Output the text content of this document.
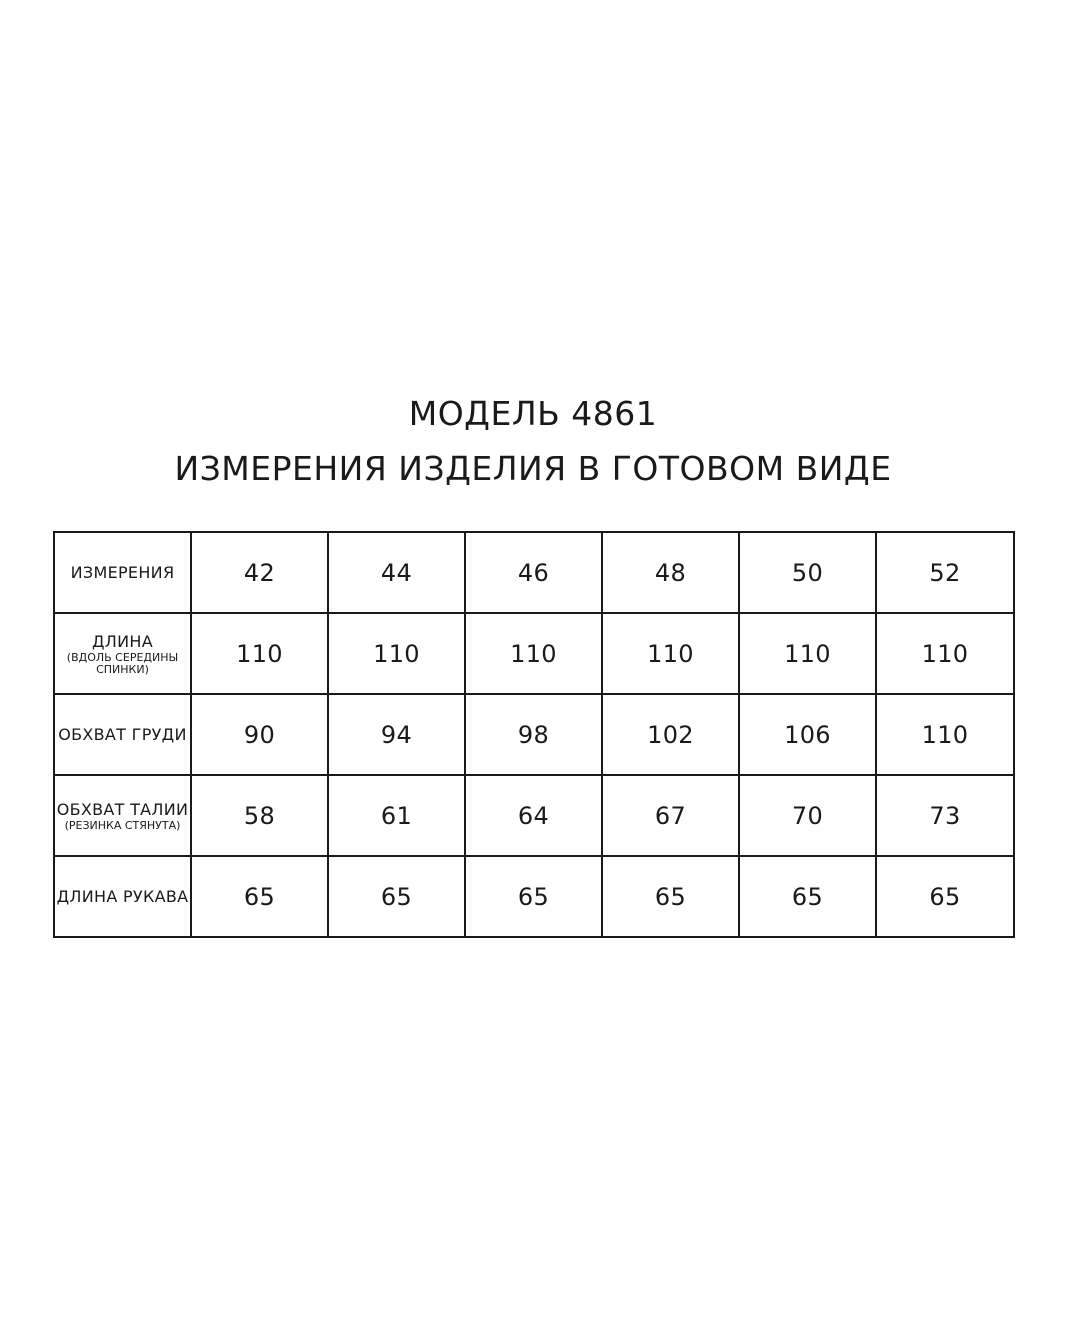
МОДЕЛЬ 4861
ИЗМЕРЕНИЯ ИЗДЕЛИЯ В ГОТОВОМ ВИДЕ
ИЗМЕРЕНИЯ	42	44	46	48	50	52
ДЛИНА
(ВДОЛЬ СЕРЕДИНЫ СПИНКИ)	110	110	110	110	110	110
ОБХВАТ ГРУДИ	90	94	98	102	106	110
ОБХВАТ ТАЛИИ
(РЕЗИНКА СТЯНУТА)	58	61	64	67	70	73
ДЛИНА РУКАВА	65	65	65	65	65	65
